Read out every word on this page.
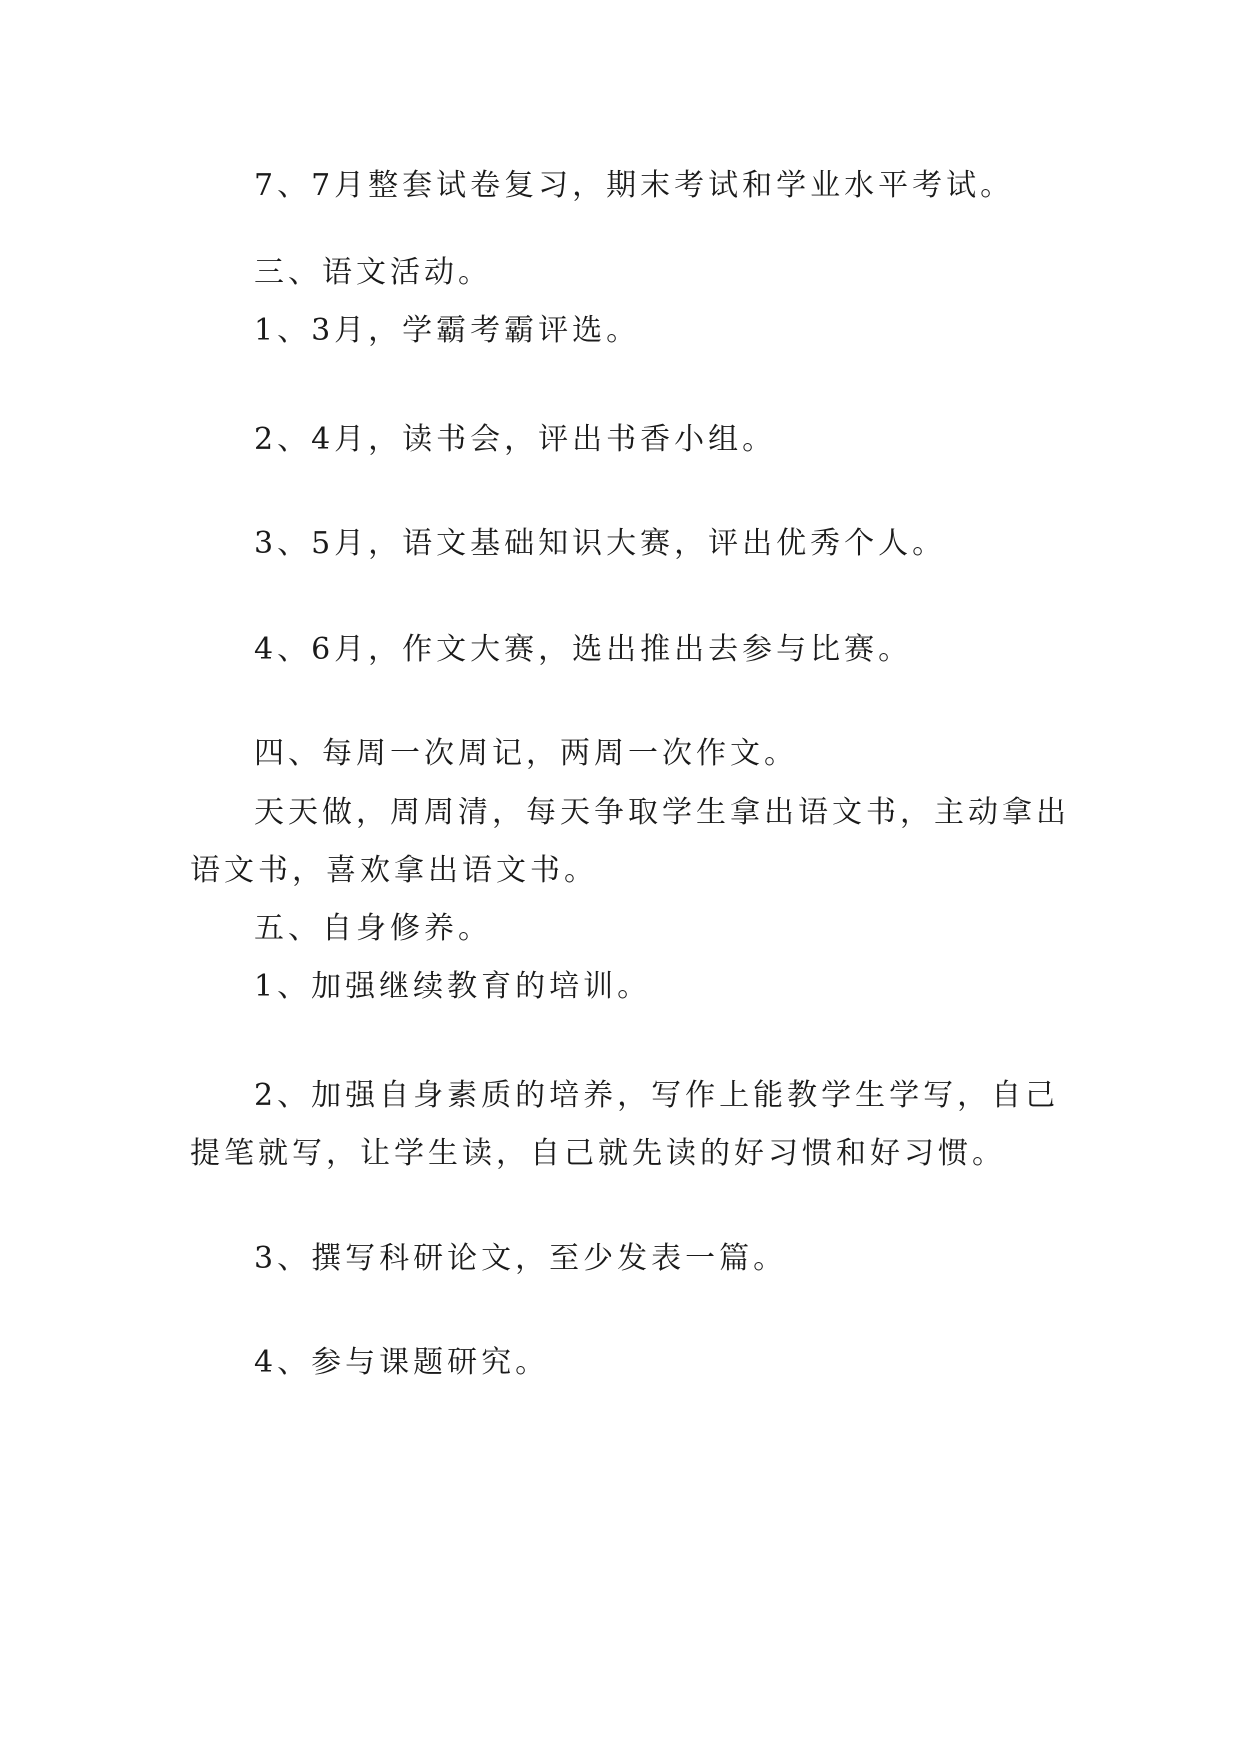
7、7月整套试卷复习，期末考试和学业水平考试。
三、语文活动。
1、3月，学霸考霸评选。
2、4月，读书会，评出书香小组。
3、5月，语文基础知识大赛，评出优秀个人。
4、6月，作文大赛，选出推出去参与比赛。
四、每周一次周记，两周一次作文。
天天做，周周清，每天争取学生拿出语文书，主动拿出
语文书，喜欢拿出语文书。
五、自身修养。
1、加强继续教育的培训。
2、加强自身素质的培养，写作上能教学生学写，自己
提笔就写，让学生读，自己就先读的好习惯和好习惯。
3、撰写科研论文，至少发表一篇。
4、参与课题研究。
